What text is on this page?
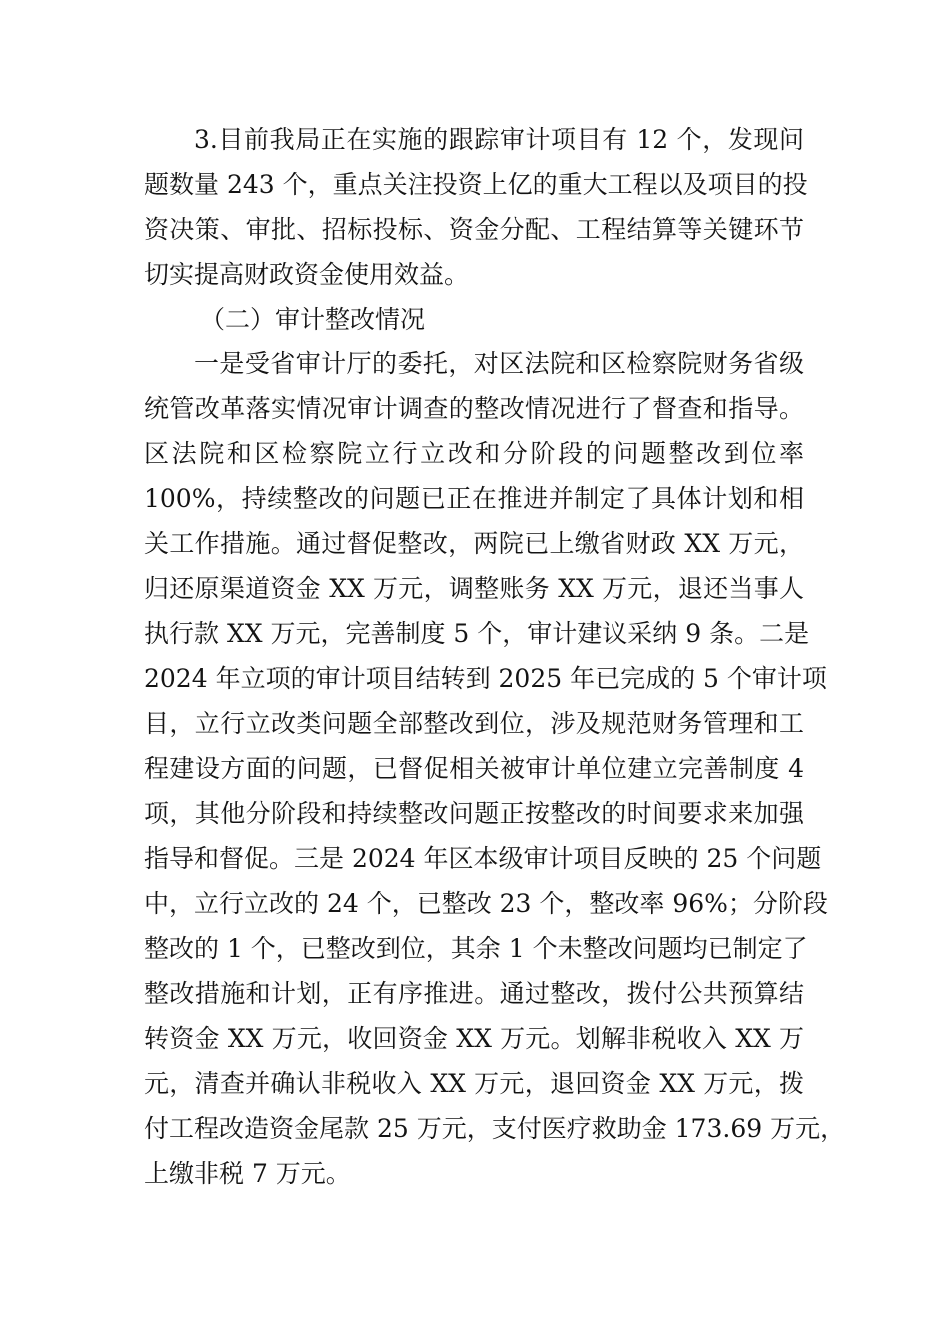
3.目前我局正在实施的跟踪审计项目有 12 个，发现问
题数量 243 个，重点关注投资上亿的重大工程以及项目的投
资决策、审批、招标投标、资金分配、工程结算等关键环节
切实提高财政资金使用效益。
（二）审计整改情况
一是受省审计厅的委托，对区法院和区检察院财务省级
统管改革落实情况审计调查的整改情况进行了督查和指导。
区法院和区检察院立行立改和分阶段的问题整改到位率
100%，持续整改的问题已正在推进并制定了具体计划和相
关工作措施。通过督促整改，两院已上缴省财政 XX 万元，
归还原渠道资金 XX 万元，调整账务 XX 万元，退还当事人
执行款 XX 万元，完善制度 5 个，审计建议采纳 9 条。二是
2024 年立项的审计项目结转到 2025 年已完成的 5 个审计项
目，立行立改类问题全部整改到位，涉及规范财务管理和工
程建设方面的问题，已督促相关被审计单位建立完善制度 4
项，其他分阶段和持续整改问题正按整改的时间要求来加强
指导和督促。三是 2024 年区本级审计项目反映的 25 个问题
中，立行立改的 24 个，已整改 23 个，整改率 96%；分阶段
整改的 1 个，已整改到位，其余 1 个未整改问题均已制定了
整改措施和计划，正有序推进。通过整改，拨付公共预算结
转资金 XX 万元，收回资金 XX 万元。划解非税收入 XX 万
元，清查并确认非税收入 XX 万元，退回资金 XX 万元，拨
付工程改造资金尾款 25 万元，支付医疗救助金 173.69 万元，
上缴非税 7 万元。
